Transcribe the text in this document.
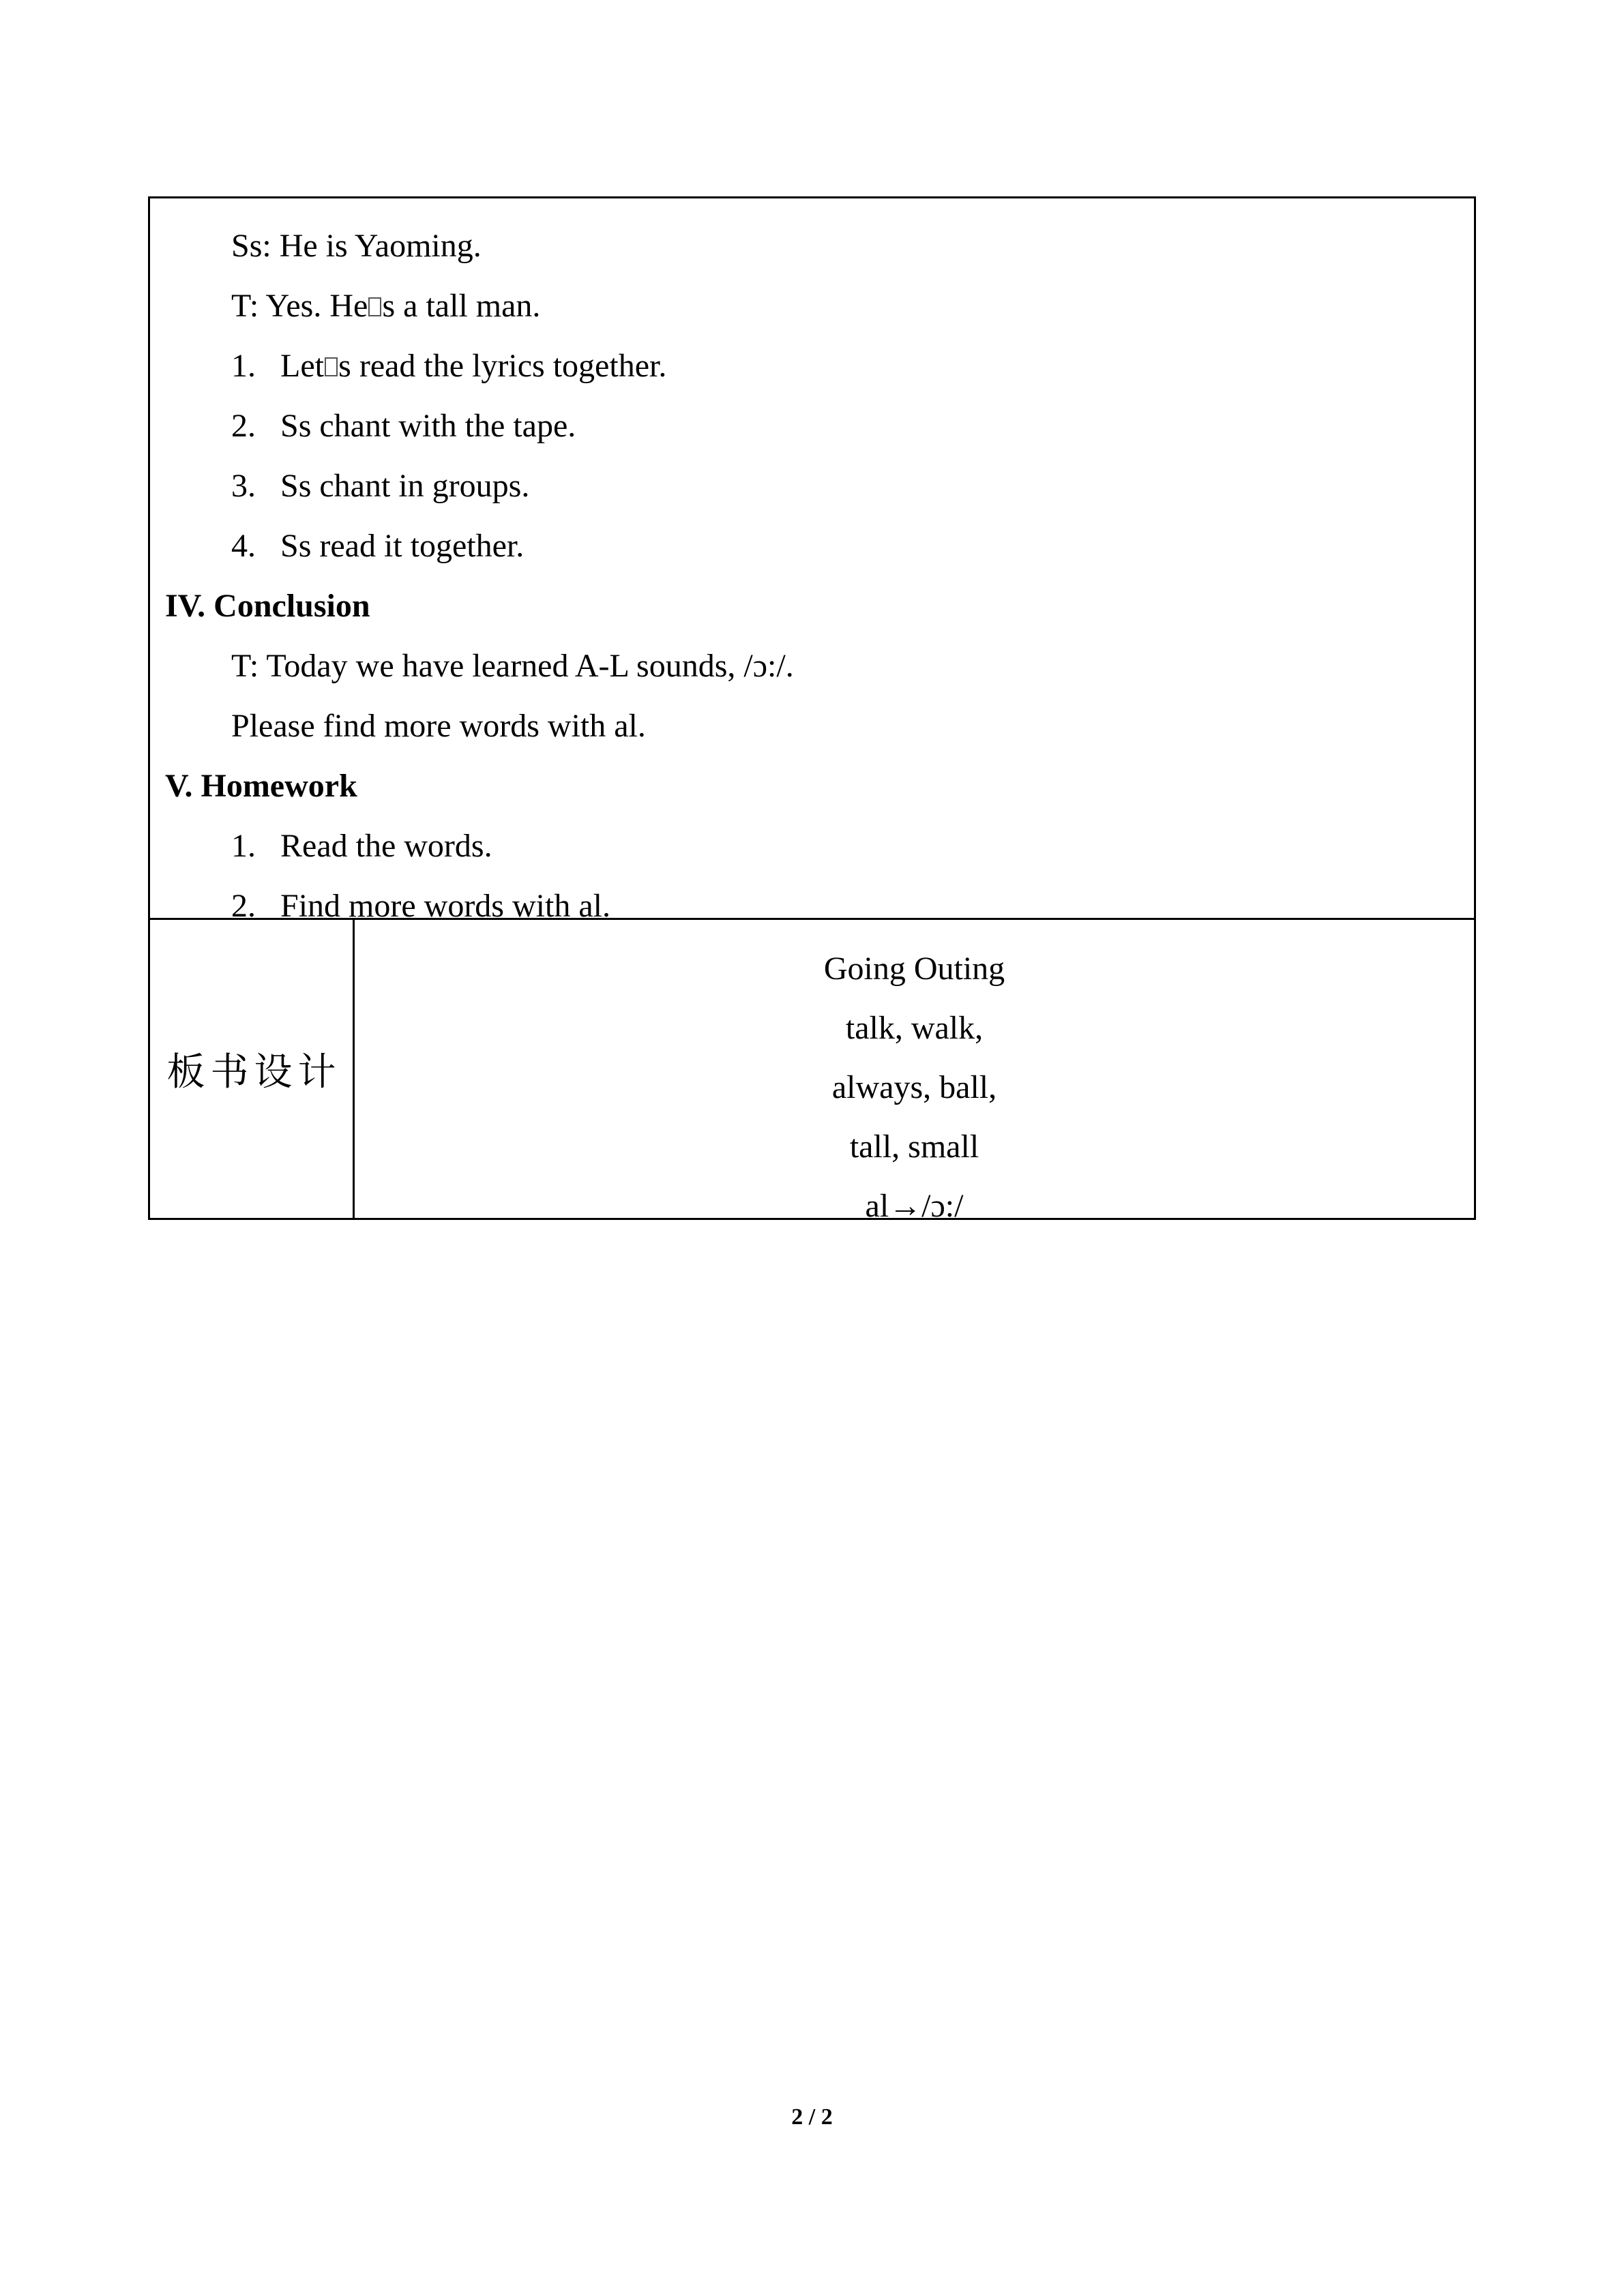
Ss: He is Yaoming.
T: Yes. He s a tall man.
1. Let s read the lyrics together.
2. Ss chant with the tape.
3. Ss chant in groups.
4. Ss read it together.
IV. Conclusion
T: Today we have learned A-L sounds, /ɔ:/.
Please find more words with al.
V. Homework
1. Read the words.
2. Find more words with al.
板书设计
Going Outing
talk, walk,
always, ball,
tall, small
al→/ɔ:/
2 / 2
